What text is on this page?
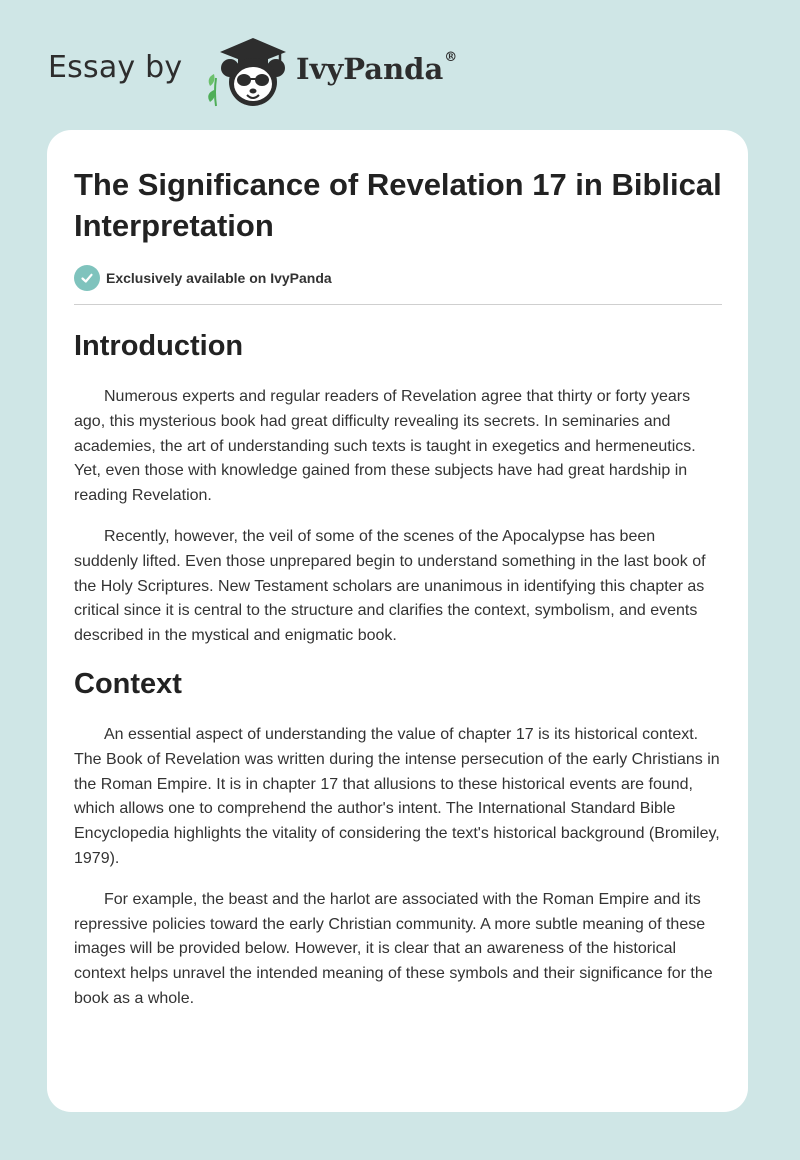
Essay by	IvyPanda®
The Significance of Revelation 17 in Biblical Interpretation
Exclusively available on IvyPanda
Introduction

Numerous experts and regular readers of Revelation agree that thirty or forty years ago, this mysterious book had great difficulty revealing its secrets. In seminaries and academies, the art of understanding such texts is taught in exegetics and hermeneutics. Yet, even those with knowledge gained from these subjects have had great hardship in reading Revelation.

Recently, however, the veil of some of the scenes of the Apocalypse has been suddenly lifted. Even those unprepared begin to understand something in the last book of the Holy Scriptures. New Testament scholars are unanimous in identifying this chapter as critical since it is central to the structure and clarifies the context, symbolism, and events described in the mystical and enigmatic book.

Context

An essential aspect of understanding the value of chapter 17 is its historical context. The Book of Revelation was written during the intense persecution of the early Christians in the Roman Empire. It is in chapter 17 that allusions to these historical events are found, which allows one to comprehend the author's intent. The International Standard Bible Encyclopedia highlights the vitality of considering the text's historical background (Bromiley, 1979).

For example, the beast and the harlot are associated with the Roman Empire and its repressive policies toward the early Christian community. A more subtle meaning of these images will be provided below. However, it is clear that an awareness of the historical context helps unravel the intended meaning of these symbols and their significance for the book as a whole.
